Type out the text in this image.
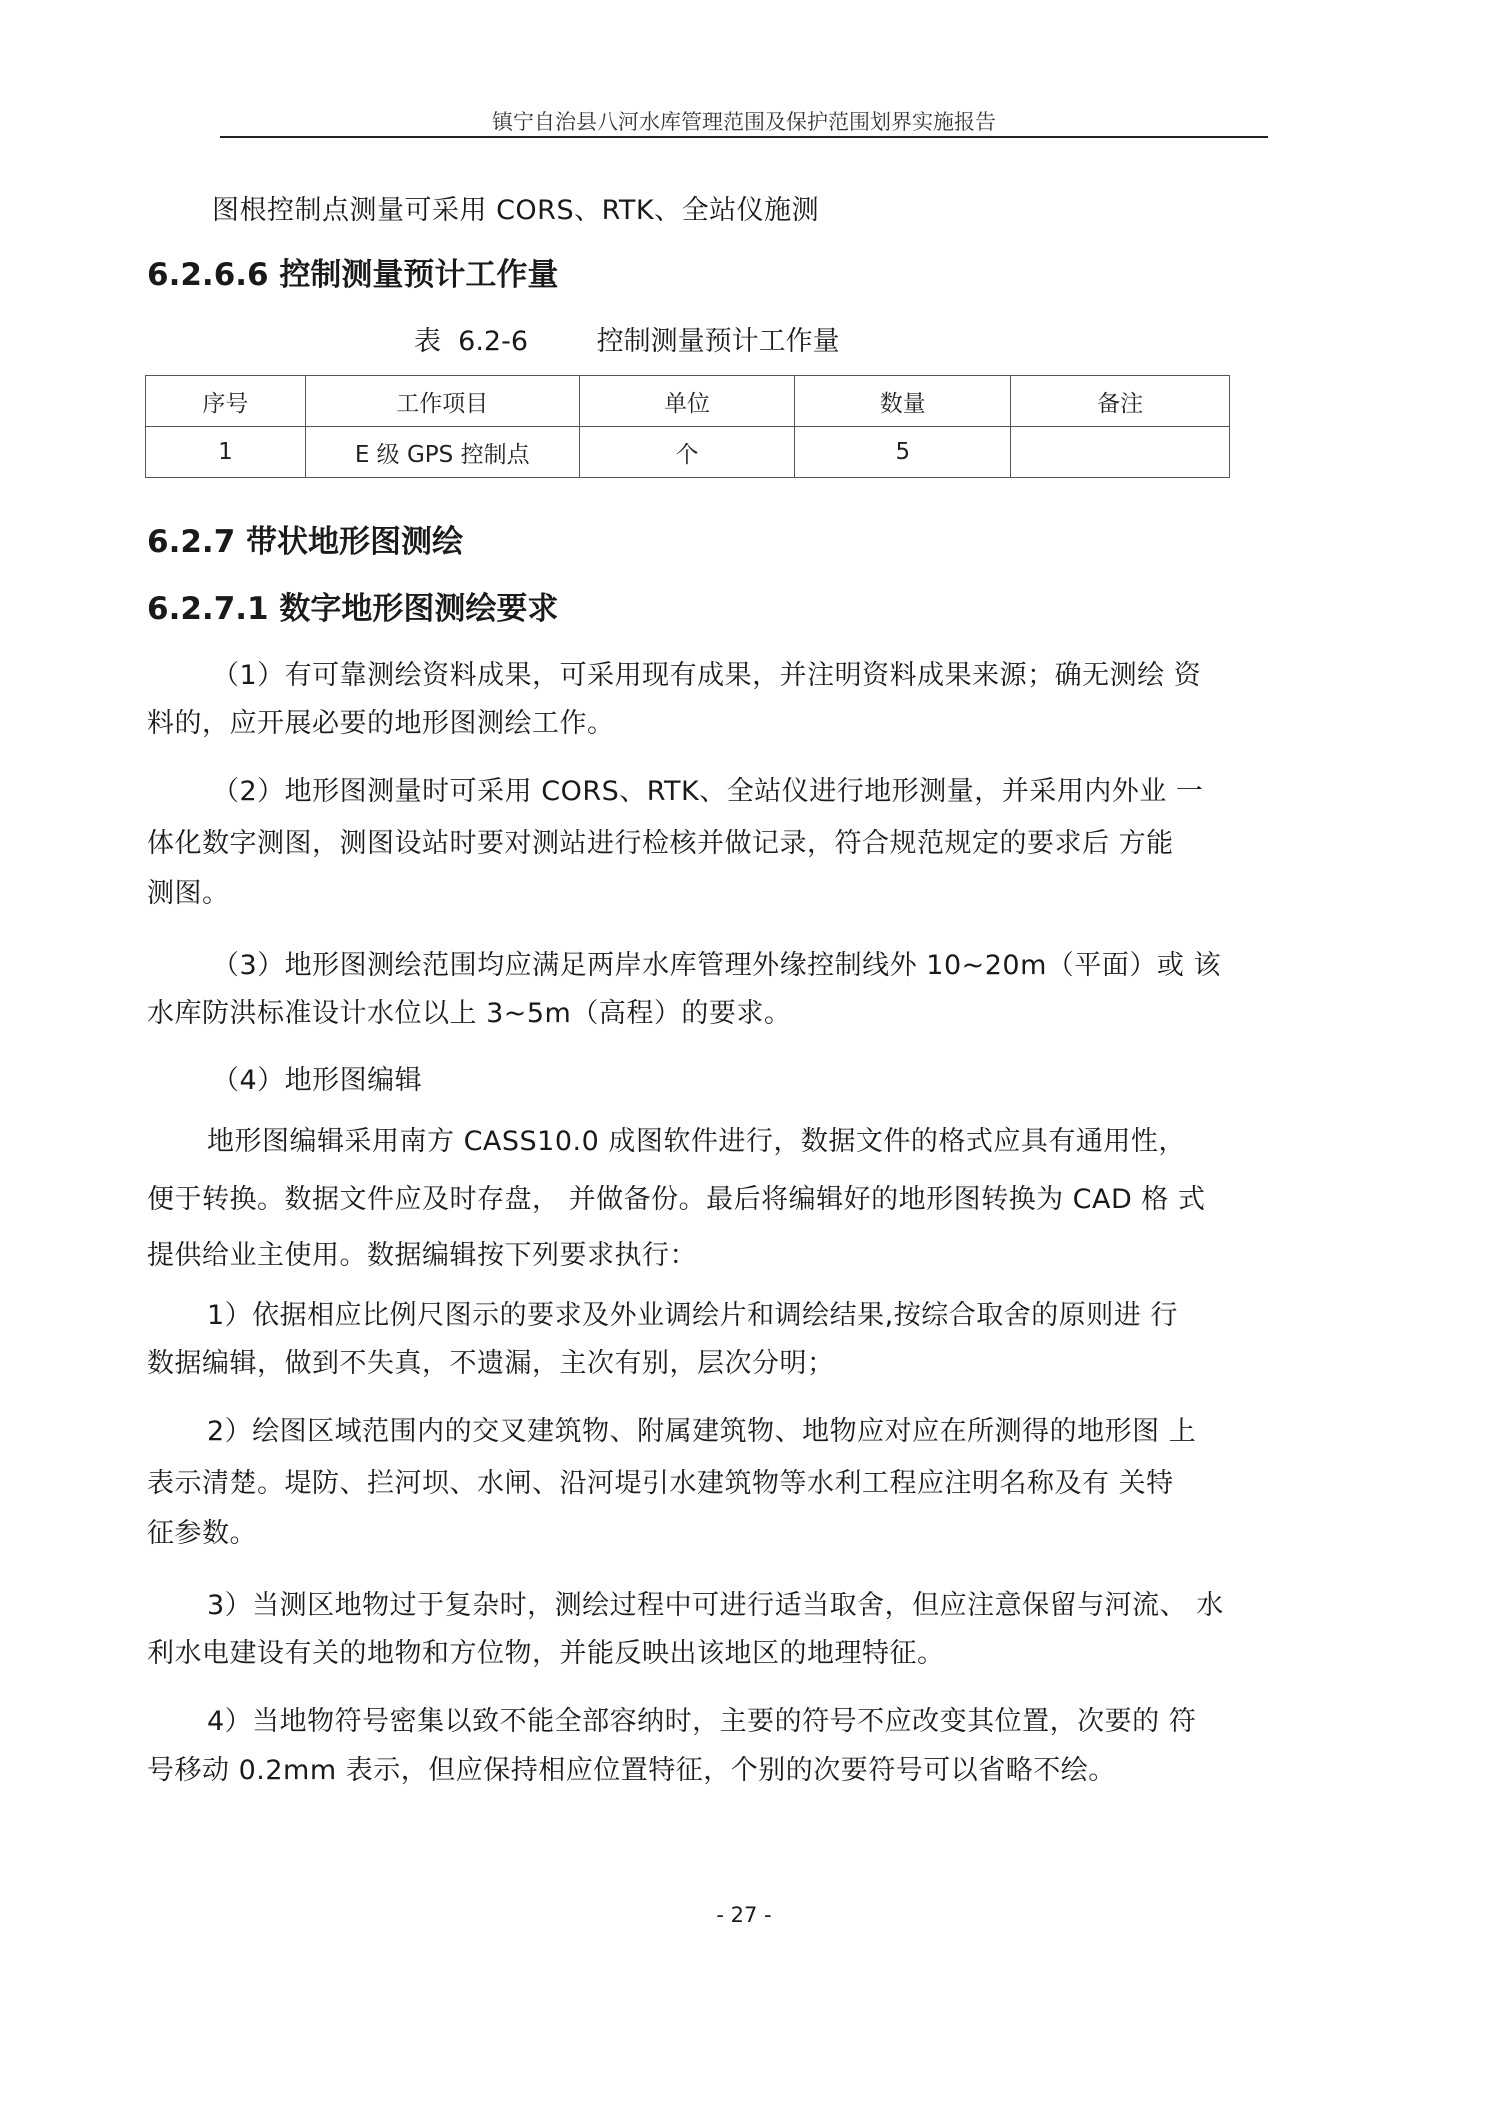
镇宁自治县八河水库管理范围及保护范围划界实施报告
图根控制点测量可采用 CORS、RTK、全站仪施测
6.2.6.6 控制测量预计工作量
表  6.2-6        控制测量预计工作量
序号	工作项目	单位	数量	备注
1	E 级 GPS 控制点	个	5	
6.2.7 带状地形图测绘
6.2.7.1 数字地形图测绘要求
（1）有可靠测绘资料成果，可采用现有成果，并注明资料成果来源；确无测绘 资
料的，应开展必要的地形图测绘工作。
（2）地形图测量时可采用 CORS、RTK、全站仪进行地形测量，并采用内外业 一
体化数字测图，测图设站时要对测站进行检核并做记录，符合规范规定的要求后 方能
测图。
（3）地形图测绘范围均应满足两岸水库管理外缘控制线外 10~20m（平面）或 该
水库防洪标准设计水位以上 3~5m（高程）的要求。
（4）地形图编辑
地形图编辑采用南方 CASS10.0 成图软件进行，数据文件的格式应具有通用性，
便于转换。数据文件应及时存盘， 并做备份。最后将编辑好的地形图转换为 CAD 格 式
提供给业主使用。数据编辑按下列要求执行：
1）依据相应比例尺图示的要求及外业调绘片和调绘结果,按综合取舍的原则进 行
数据编辑，做到不失真，不遗漏，主次有别，层次分明；
2）绘图区域范围内的交叉建筑物、附属建筑物、地物应对应在所测得的地形图 上
表示清楚。堤防、拦河坝、水闸、沿河堤引水建筑物等水利工程应注明名称及有 关特
征参数。
3）当测区地物过于复杂时，测绘过程中可进行适当取舍，但应注意保留与河流、 水
利水电建设有关的地物和方位物，并能反映出该地区的地理特征。
4）当地物符号密集以致不能全部容纳时，主要的符号不应改变其位置，次要的 符
号移动 0.2mm 表示，但应保持相应位置特征，个别的次要符号可以省略不绘。
- 27 -
